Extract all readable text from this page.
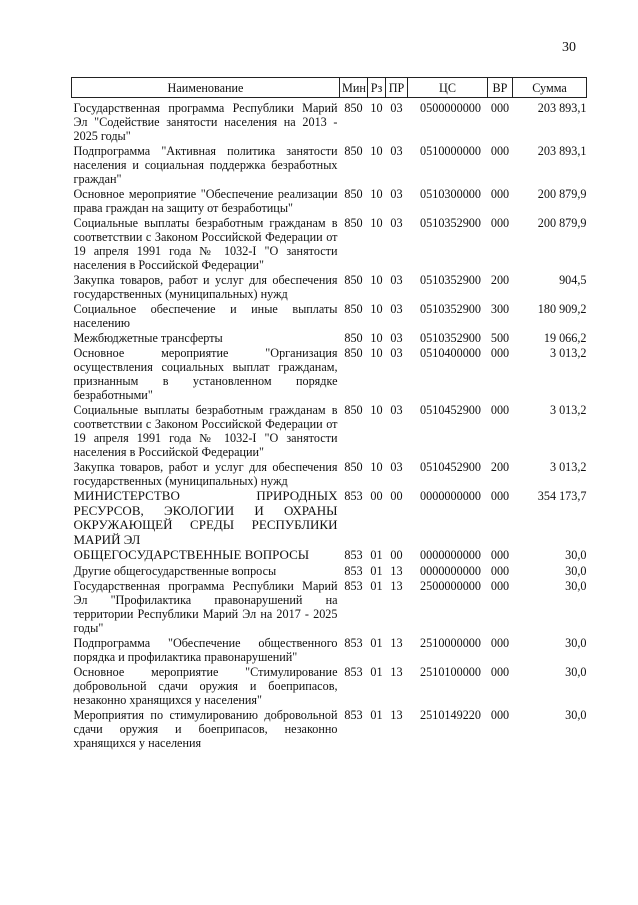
30
Наименование	Мин	Рз	ПР	ЦС	ВР	Сумма
Государственная программа Республики Марий Эл "Содействие занятости населения на 2013 - 2025 годы"	850	10	03	0500000000	000	203 893,1
Подпрограмма "Активная политика занятости населения и социальная поддержка безработных граждан"	850	10	03	0510000000	000	203 893,1
Основное мероприятие "Обеспечение реализации права граждан на защиту от безработицы"	850	10	03	0510300000	000	200 879,9
Социальные выплаты безработным гражданам в соответствии с Законом Российской Федерации от 19 апреля 1991 года № 1032-I "О занятости населения в Российской Федерации"	850	10	03	0510352900	000	200 879,9
Закупка товаров, работ и услуг для обеспечения государственных (муниципальных) нужд	850	10	03	0510352900	200	904,5
Социальное обеспечение и иные выплаты населению	850	10	03	0510352900	300	180 909,2
Межбюджетные трансферты	850	10	03	0510352900	500	19 066,2
Основное мероприятие "Организация осуществления социальных выплат гражданам, признанным в установленном порядке безработными"	850	10	03	0510400000	000	3 013,2
Социальные выплаты безработным гражданам в соответствии с Законом Российской Федерации от 19 апреля 1991 года № 1032-I "О занятости населения в Российской Федерации"	850	10	03	0510452900	000	3 013,2
Закупка товаров, работ и услуг для обеспечения государственных (муниципальных) нужд	850	10	03	0510452900	200	3 013,2
МИНИСТЕРСТВО ПРИРОДНЫХ РЕСУРСОВ, ЭКОЛОГИИ И ОХРАНЫ ОКРУЖАЮЩЕЙ СРЕДЫ РЕСПУБЛИКИ МАРИЙ ЭЛ	853	00	00	0000000000	000	354 173,7
ОБЩЕГОСУДАРСТВЕННЫЕ ВОПРОСЫ	853	01	00	0000000000	000	30,0
Другие общегосударственные вопросы	853	01	13	0000000000	000	30,0
Государственная программа Республики Марий Эл "Профилактика правонарушений на территории Республики Марий Эл на 2017 - 2025 годы"	853	01	13	2500000000	000	30,0
Подпрограмма "Обеспечение общественного порядка и профилактика правонарушений"	853	01	13	2510000000	000	30,0
Основное мероприятие "Стимулирование добровольной сдачи оружия и боеприпасов, незаконно хранящихся у населения"	853	01	13	2510100000	000	30,0
Мероприятия по стимулированию добровольной сдачи оружия и боеприпасов, незаконно хранящихся у населения	853	01	13	2510149220	000	30,0
